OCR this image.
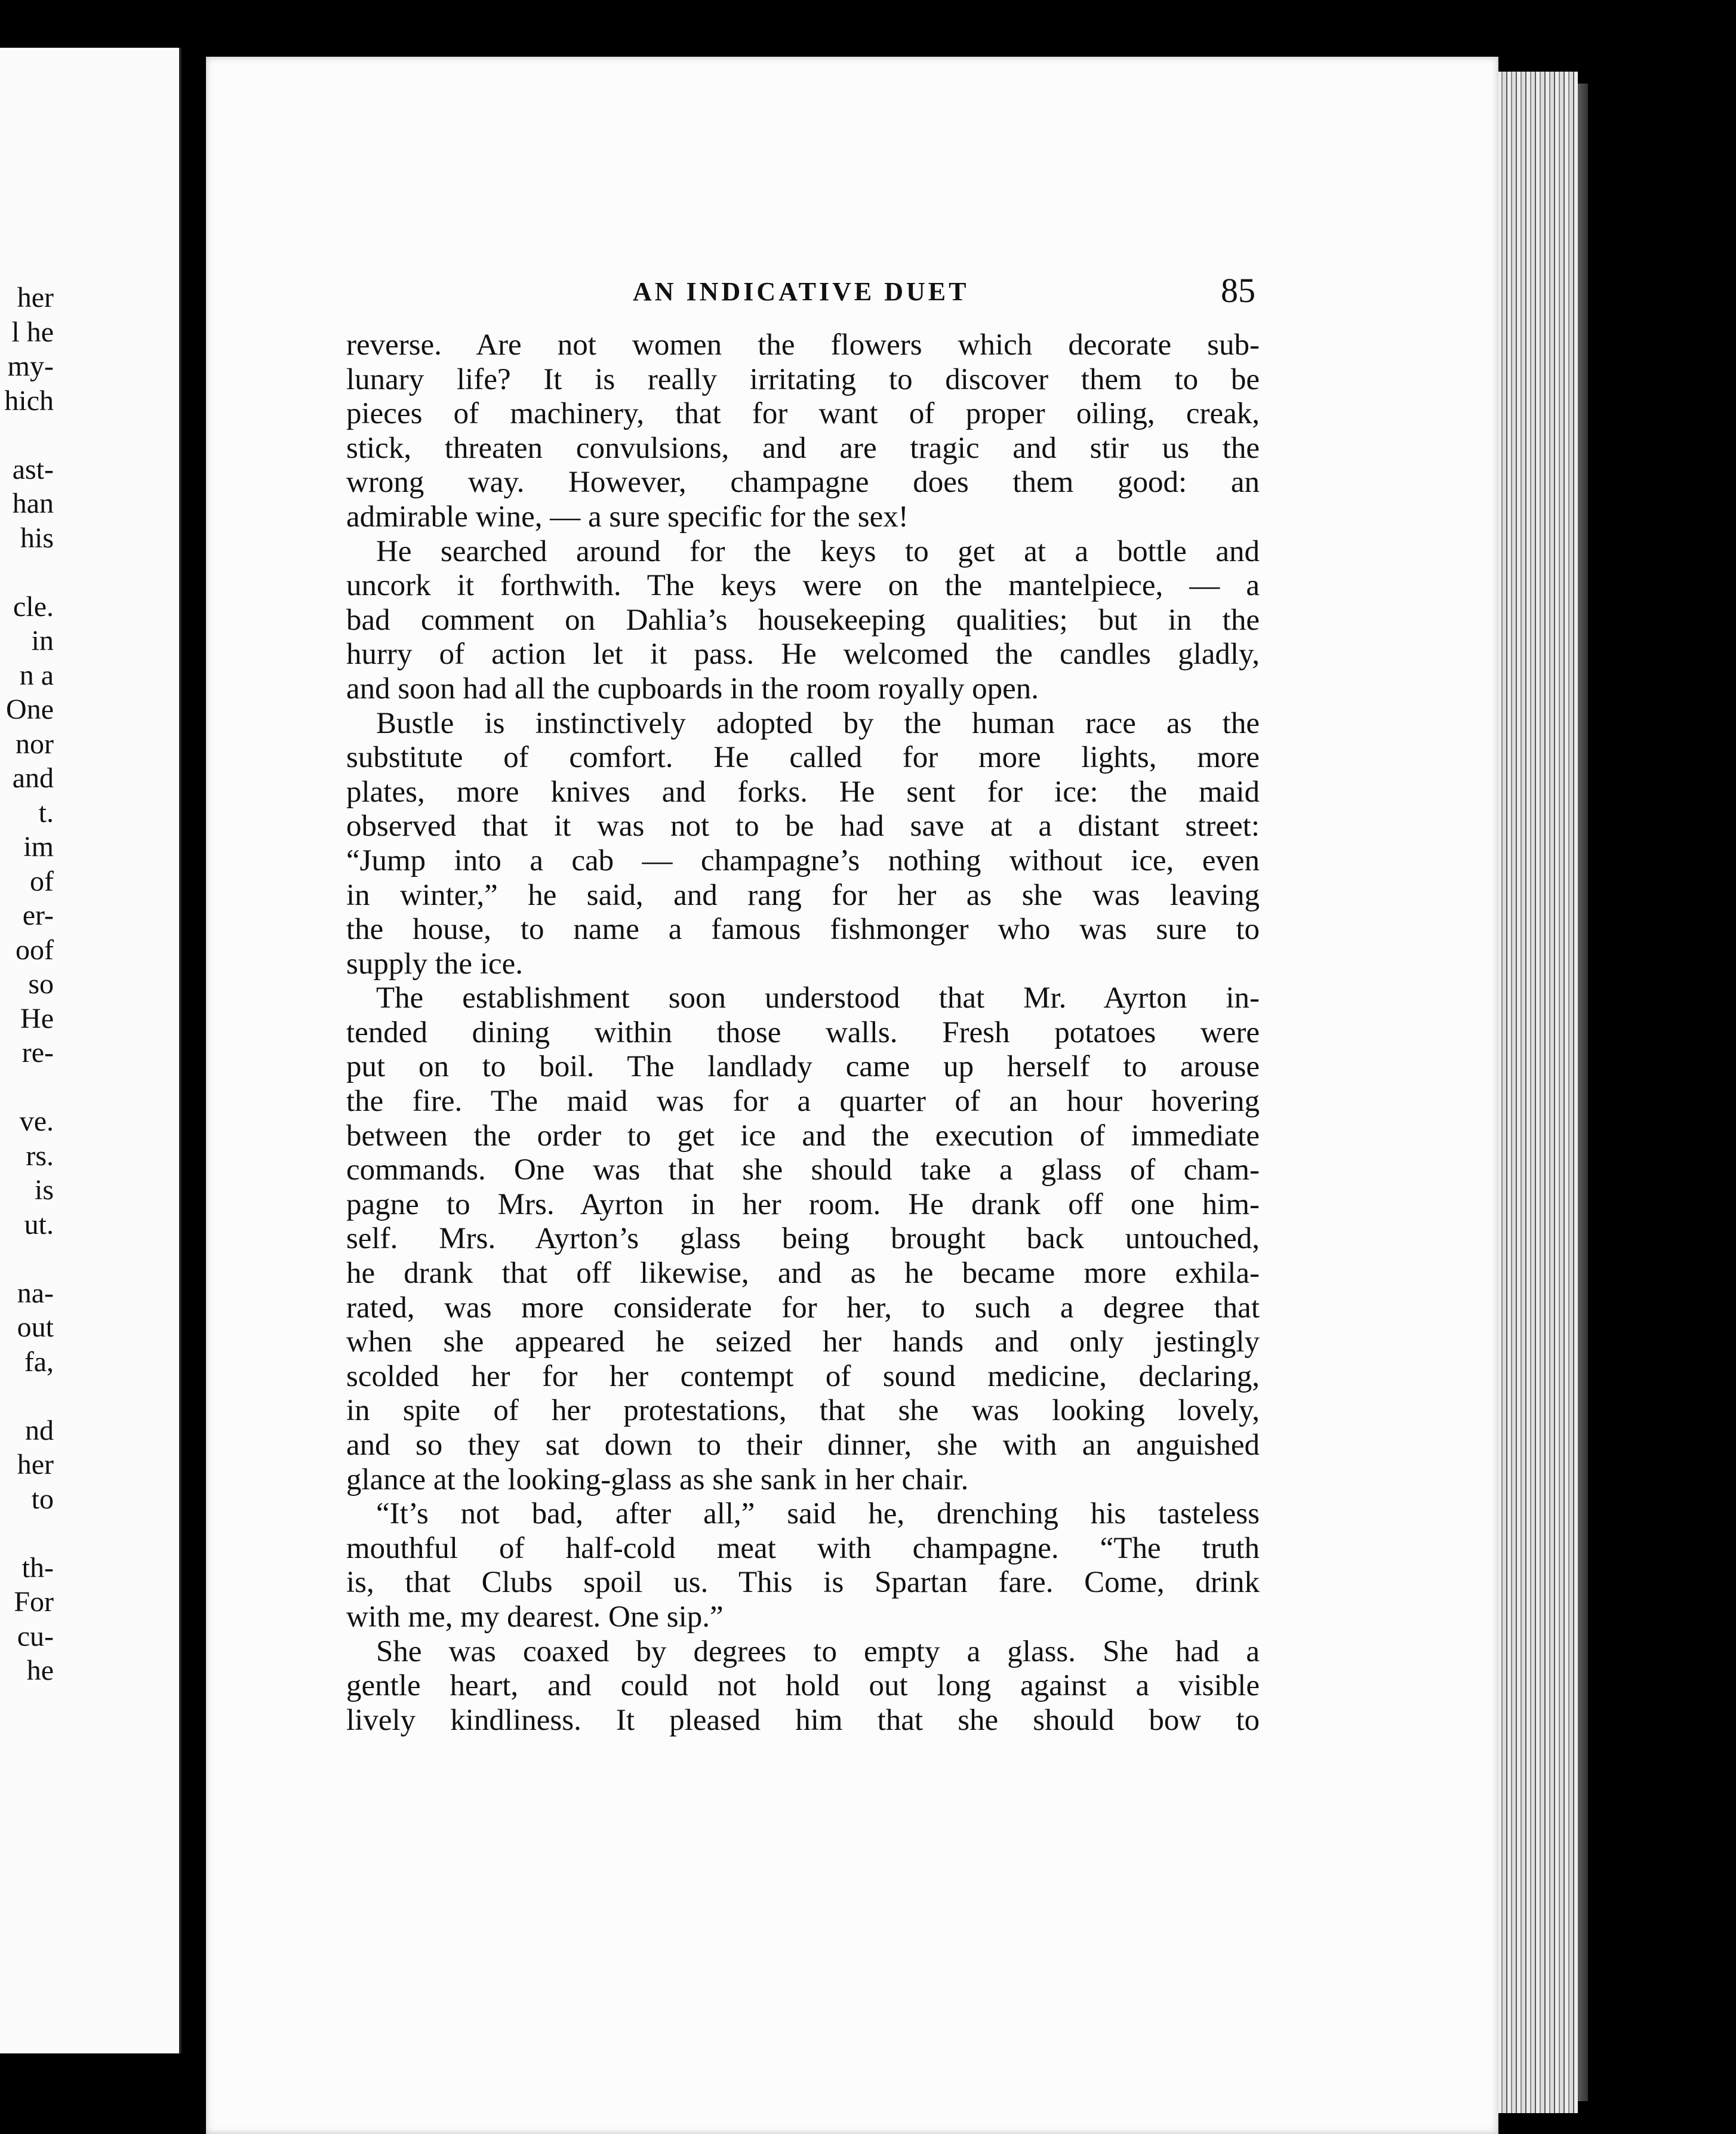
her
l he
my-
hich
ast-
han
his
cle.
in
n a
One
nor
and
t.
im
of
er-
oof
so
He
re-
ve.
rs.
is
ut.
na-
out
fa,
nd
her
to
th-
For
cu-
he
AN INDICATIVE DUET	85

reverse. Are not women the flowers which decorate sub-
lunary life? It is really irritating to discover them to be
pieces of machinery, that for want of proper oiling, creak,
stick, threaten convulsions, and are tragic and stir us the
wrong way. However, champagne does them good: an
admirable wine, — a sure specific for the sex!

He searched around for the keys to get at a bottle and
uncork it forthwith. The keys were on the mantelpiece, — a
bad comment on Dahlia’s housekeeping qualities; but in the
hurry of action let it pass. He welcomed the candles gladly,
and soon had all the cupboards in the room royally open.

Bustle is instinctively adopted by the human race as the
substitute of comfort. He called for more lights, more
plates, more knives and forks. He sent for ice: the maid
observed that it was not to be had save at a distant street:
“Jump into a cab — champagne’s nothing without ice, even
in winter,” he said, and rang for her as she was leaving
the house, to name a famous fishmonger who was sure to
supply the ice.

The establishment soon understood that Mr. Ayrton in-
tended dining within those walls. Fresh potatoes were
put on to boil. The landlady came up herself to arouse
the fire. The maid was for a quarter of an hour hovering
between the order to get ice and the execution of immediate
commands. One was that she should take a glass of cham-
pagne to Mrs. Ayrton in her room. He drank off one him-
self. Mrs. Ayrton’s glass being brought back untouched,
he drank that off likewise, and as he became more exhila-
rated, was more considerate for her, to such a degree that
when she appeared he seized her hands and only jestingly
scolded her for her contempt of sound medicine, declaring,
in spite of her protestations, that she was looking lovely,
and so they sat down to their dinner, she with an anguished
glance at the looking-glass as she sank in her chair.

“It’s not bad, after all,” said he, drenching his tasteless
mouthful of half-cold meat with champagne. “The truth
is, that Clubs spoil us. This is Spartan fare. Come, drink
with me, my dearest. One sip.”

She was coaxed by degrees to empty a glass. She had a
gentle heart, and could not hold out long against a visible
lively kindliness. It pleased him that she should bow to
